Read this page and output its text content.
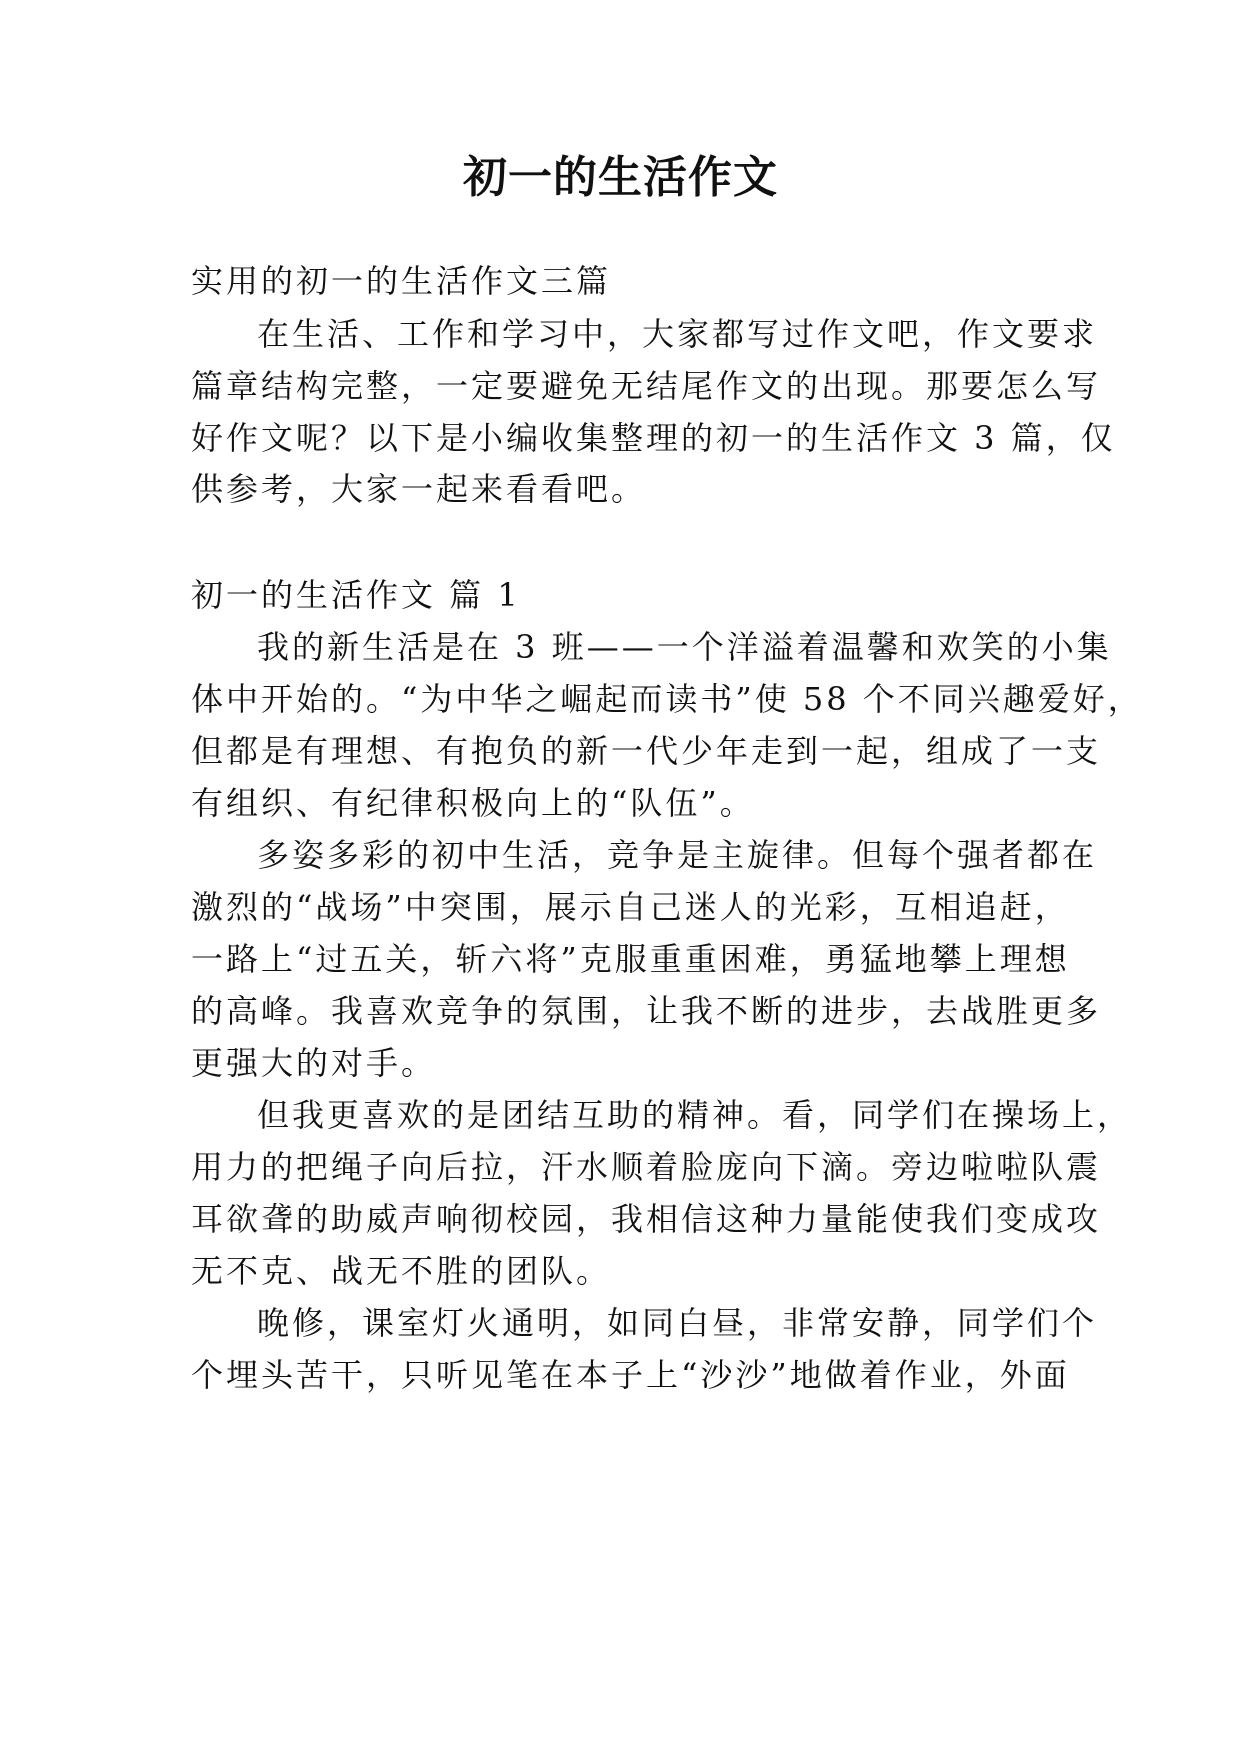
初一的生活作文
实用的初一的生活作文三篇
在生活、工作和学习中，大家都写过作文吧，作文要求
篇章结构完整，一定要避免无结尾作文的出现。那要怎么写
好作文呢？以下是小编收集整理的初一的生活作文 3 篇，仅
供参考，大家一起来看看吧。
初一的生活作文 篇 1
我的新生活是在 3 班——一个洋溢着温馨和欢笑的小集
体中开始的。“为中华之崛起而读书”使 58 个不同兴趣爱好，
但都是有理想、有抱负的新一代少年走到一起，组成了一支
有组织、有纪律积极向上的“队伍”。
多姿多彩的初中生活，竞争是主旋律。但每个强者都在
激烈的“战场”中突围，展示自己迷人的光彩，互相追赶，
一路上“过五关，斩六将”克服重重困难，勇猛地攀上理想
的高峰。我喜欢竞争的氛围，让我不断的进步，去战胜更多
更强大的对手。
但我更喜欢的是团结互助的精神。看，同学们在操场上，
用力的把绳子向后拉，汗水顺着脸庞向下滴。旁边啦啦队震
耳欲聋的助威声响彻校园，我相信这种力量能使我们变成攻
无不克、战无不胜的团队。
晚修，课室灯火通明，如同白昼，非常安静，同学们个
个埋头苦干，只听见笔在本子上“沙沙”地做着作业，外面
